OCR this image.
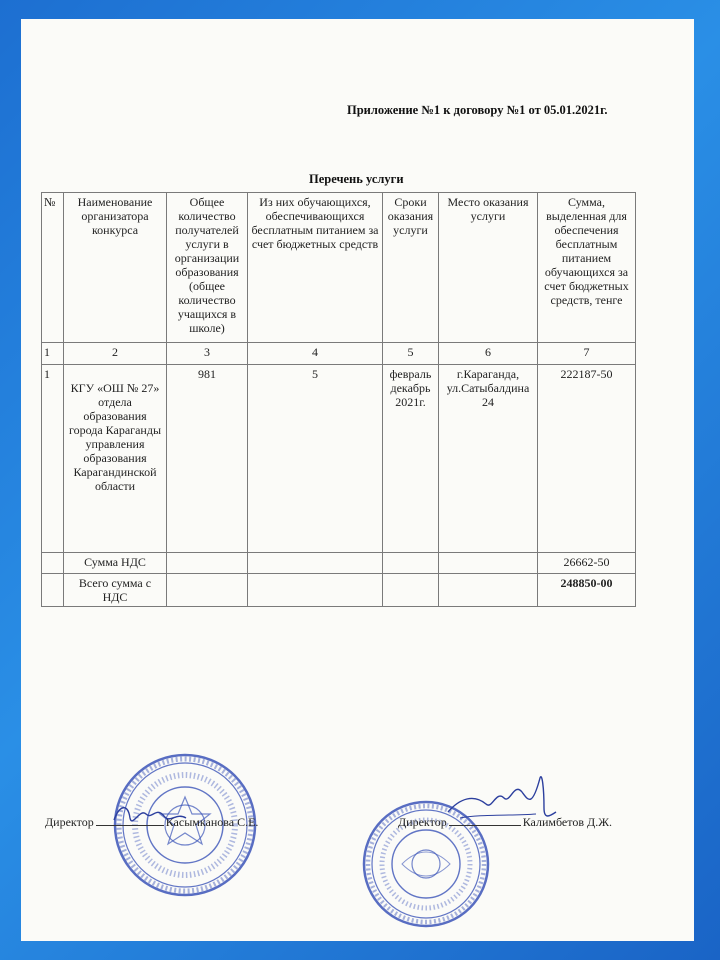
Приложение №1 к договору №1 от 05.01.2021г.
Перечень услуги
№	Наименование организатора конкурса	Общее количество получателей услуги в организации образования (общее количество учащихся в школе)	Из них обучающихся, обеспечивающихся бесплатным питанием за счет бюджетных средств	Сроки оказания услуги	Место оказания услуги	Сумма, выделенная для обеспечения бесплатным питанием обучающихся за счет бюджетных средств, тенге
1	2	3	4	5	6	7
1	КГУ «ОШ № 27» отдела образования города Караганды управления образования Карагандинской области	981	5	февраль декабрь 2021г.	г.Караганда, ул.Сатыбалдина 24	222187-50
	Сумма НДС					26662-50
	Всего сумма с НДС					248850-00
Директор	Касымканова С.Е.	Директор	Калимбетов Д.Ж.
